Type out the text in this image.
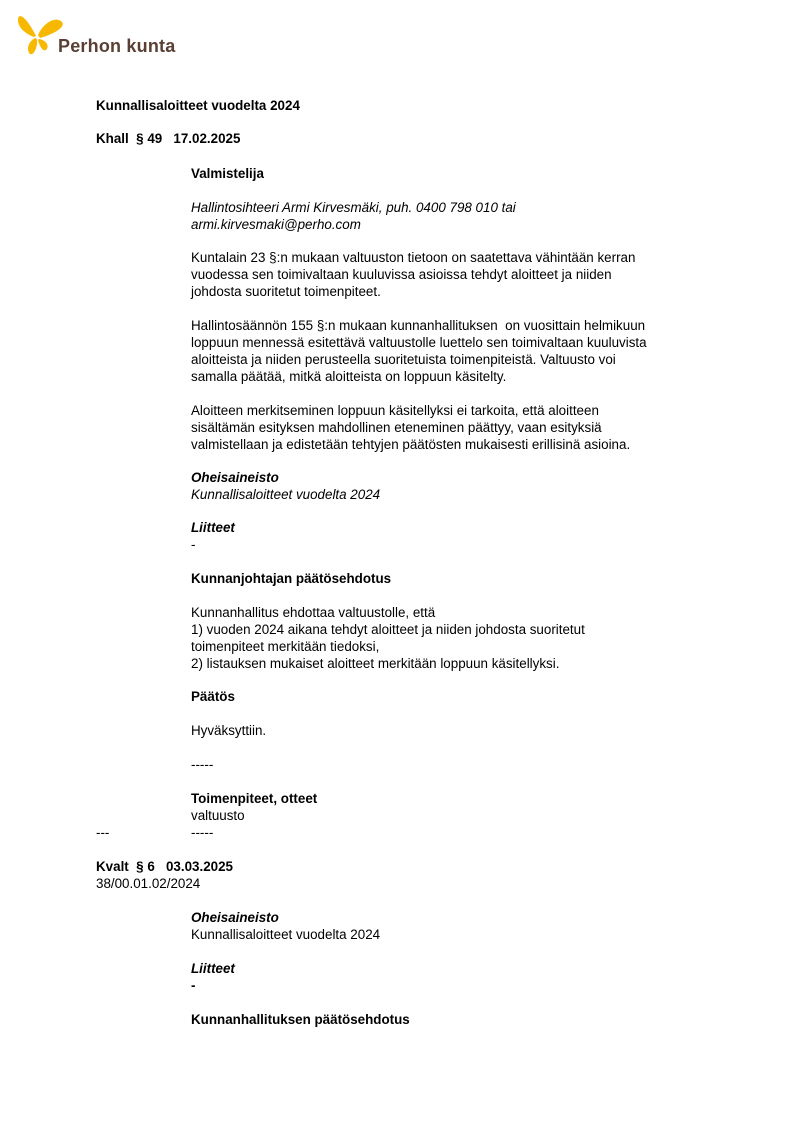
Perhon kunta
Kunnallisaloitteet vuodelta 2024
Khall  § 49   17.02.2025
Valmistelija
Hallintosihteeri Armi Kirvesmäki, puh. 0400 798 010 tai
armi.kirvesmaki@perho.com
Kuntalain 23 §:n mukaan valtuuston tietoon on saatettava vähintään kerran
vuodessa sen toimivaltaan kuuluvissa asioissa tehdyt aloitteet ja niiden
johdosta suoritetut toimenpiteet.
Hallintosäännön 155 §:n mukaan kunnanhallituksen  on vuosittain helmikuun
loppuun mennessä esitettävä valtuustolle luettelo sen toimivaltaan kuuluvista
aloitteista ja niiden perusteella suoritetuista toimenpiteistä. Valtuusto voi
samalla päätää, mitkä aloitteista on loppuun käsitelty.
Aloitteen merkitseminen loppuun käsitellyksi ei tarkoita, että aloitteen
sisältämän esityksen mahdollinen eteneminen päättyy, vaan esityksiä
valmistellaan ja edistetään tehtyjen päätösten mukaisesti erillisinä asioina.
Oheisaineisto
Kunnallisaloitteet vuodelta 2024
Liitteet
-
Kunnanjohtajan päätösehdotus
Kunnanhallitus ehdottaa valtuustolle, että
1) vuoden 2024 aikana tehdyt aloitteet ja niiden johdosta suoritetut
toimenpiteet merkitään tiedoksi,
2) listauksen mukaiset aloitteet merkitään loppuun käsitellyksi.
Päätös
Hyväksyttiin.
-----
Toimenpiteet, otteet
valtuusto
---	-----
Kvalt  § 6   03.03.2025
38/00.01.02/2024
Oheisaineisto
Kunnallisaloitteet vuodelta 2024
Liitteet
-
Kunnanhallituksen päätösehdotus
